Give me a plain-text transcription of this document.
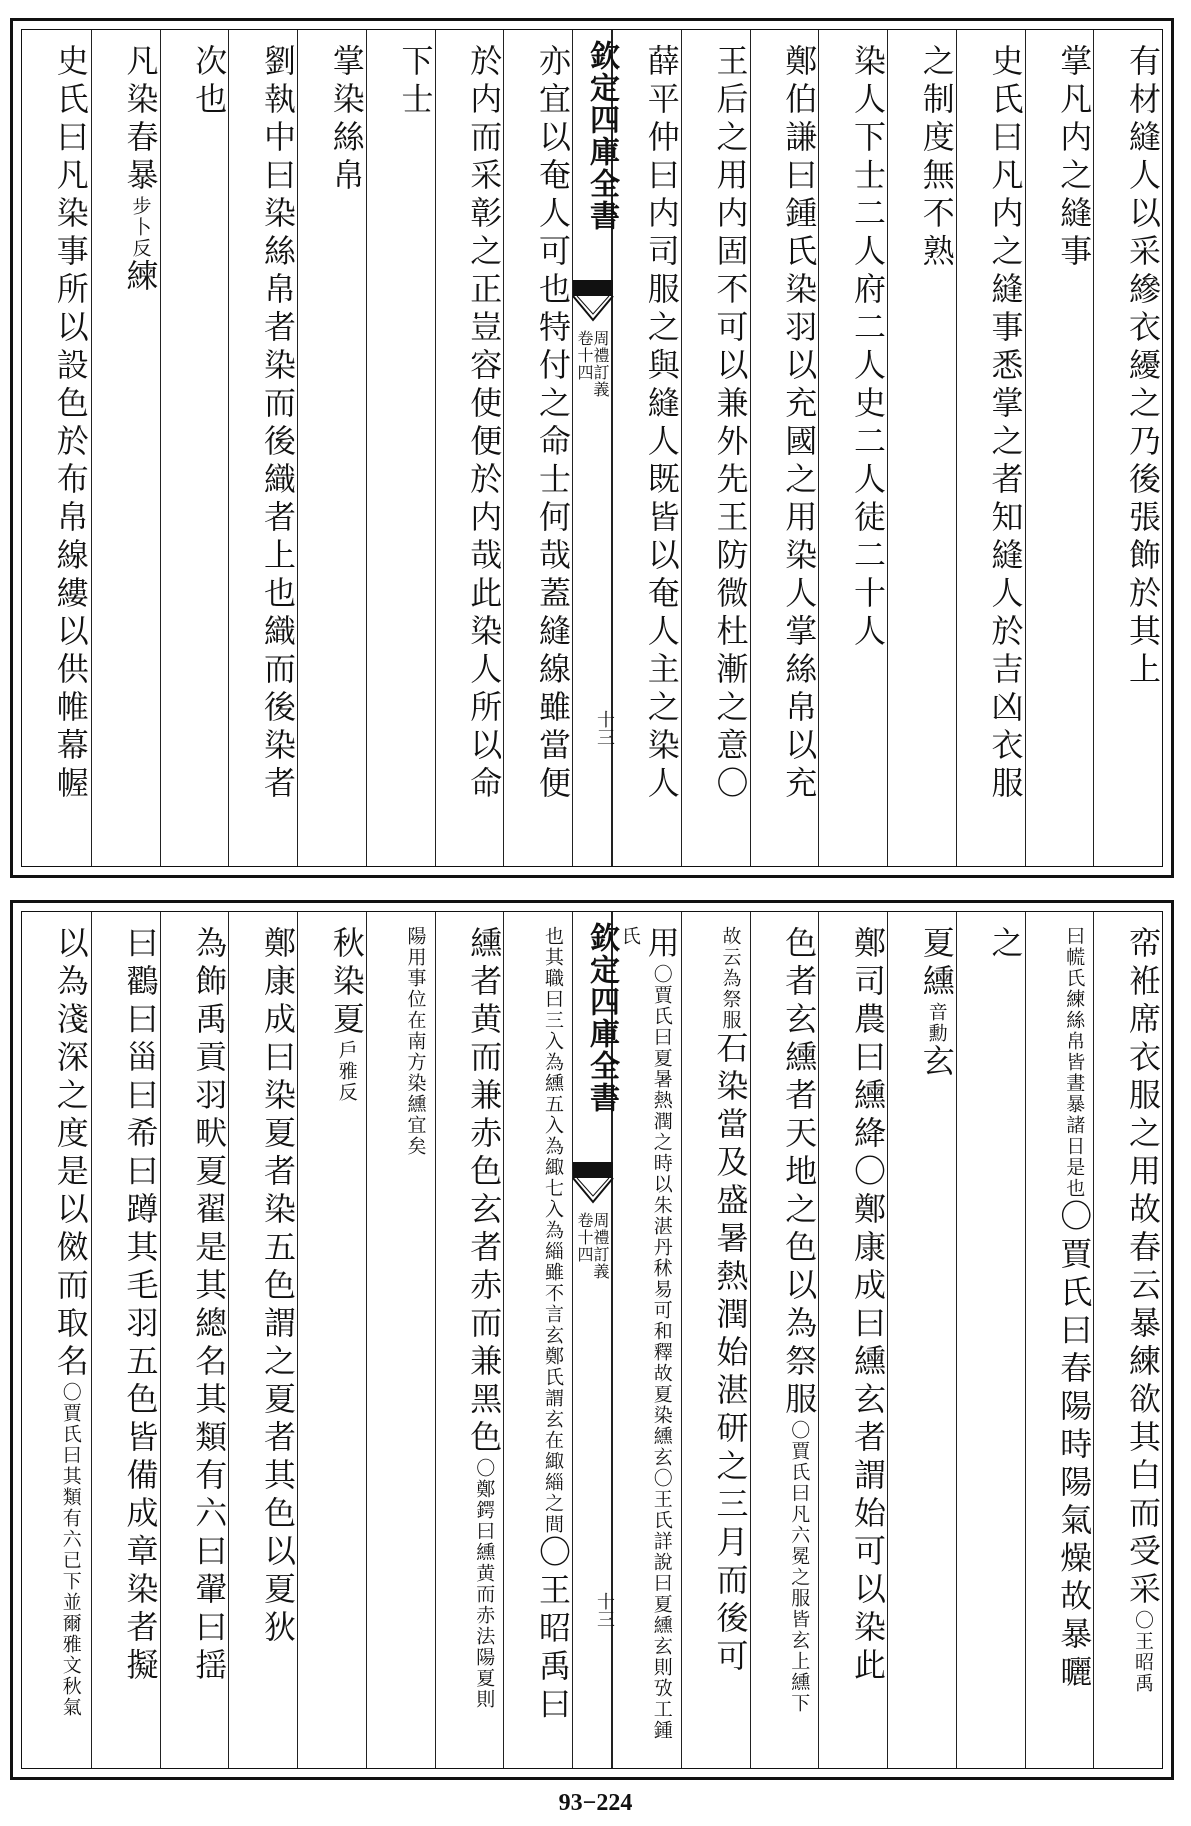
有材縫人以采縿衣纋之乃後張飾於其上
掌凡内之縫事
史氏曰凡内之縫事悉掌之者知縫人於吉凶衣服
之制度無不熟
染人下士二人府二人史二人徒二十人
鄭伯謙曰鍾氏染羽以充國之用染人掌絲帛以充
王后之用内固不可以兼外先王防微杜漸之意〇
薛平仲曰内司服之與縫人既皆以奄人主之染人
欽定四庫全書
周禮訂義
卷十四
十三
亦宜以奄人可也特付之命士何哉蓋縫線雖當便
於内而采彰之正豈容使便於内哉此染人所以命
下士
掌染絲帛
劉執中曰染絲帛者染而後織者上也織而後染者
次也
凡染春暴步卜反練
史氏曰凡染事所以設色於布帛線縷以供帷幕幄
帟袵席衣服之用故春云暴練欲其白而受采〇王昭禹
曰㡛氏練絲帛皆晝暴諸日是也〇賈氏曰春陽時陽氣燥故暴曬
之
夏纁音勳玄
鄭司農曰纁絳〇鄭康成曰纁玄者謂始可以染此
色者玄纁者天地之色以為祭服〇賈氏曰凡六冕之服皆玄上纁下
故云為祭服石染當及盛暑熱潤始湛研之三月而後可
用〇賈氏曰夏暑熱潤之時以朱湛丹秫易可和釋故夏染纁玄〇王氏詳說曰夏纁玄則攷工鍾氏
欽定四庫全書
周禮訂義
卷十四
十三
也其職曰三入為纁五入為緅七入為緇雖不言玄鄭氏謂玄在緅緇之間〇王昭禹曰
纁者黄而兼赤色玄者赤而兼黑色〇鄭鍔曰纁黄而赤法陽夏則
陽用事位在南方染纁宜矣
秋染夏戶雅反
鄭康成曰染夏者染五色謂之夏者其色以夏狄
為飾禹貢羽畎夏翟是其總名其類有六曰翬曰揺
曰鸐曰甾曰希曰蹲其毛羽五色皆備成章染者擬
以為淺深之度是以傚而取名〇賈氏曰其類有六已下並爾雅文秋氣
93−224
